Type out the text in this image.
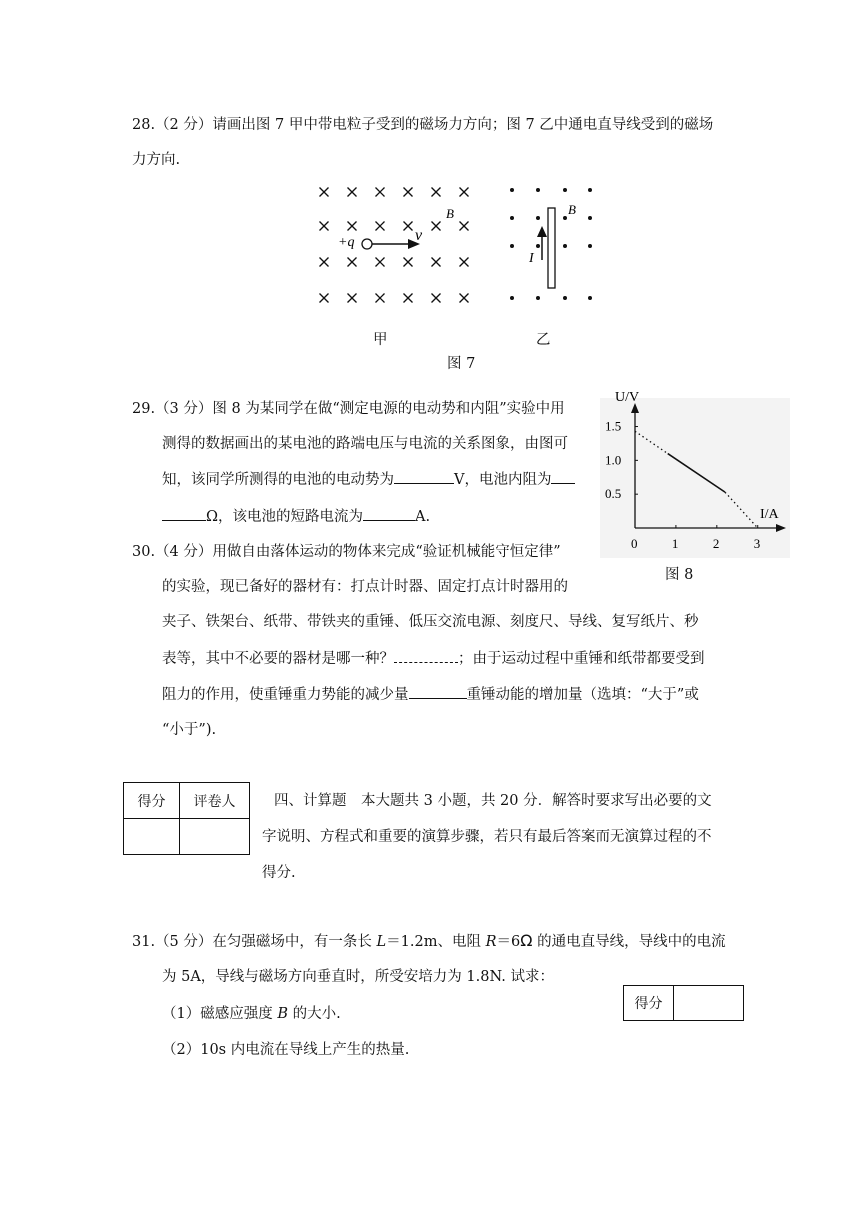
28.（2 分）请画出图 7 甲中带电粒子受到的磁场力方向；图 7 乙中通电直导线受到的磁场
力方向.
+q	v
B
甲
I
B
乙
图 7
29.（3 分）图 8 为某同学在做“测定电源的电动势和内阻”实验中用
测得的数据画出的某电池的路端电压与电流的关系图象，由图可
知，该同学所测得的电池的电动势为	V，电池内阻为
Ω，该电池的短路电流为	A.
0	1	2	3
0.5
1.0
1.5
U/V
I/A
图 8
30.（4 分）用做自由落体运动的物体来完成“验证机械能守恒定律”
的实验，现已备好的器材有：打点计时器、固定打点计时器用的
夹子、铁架台、纸带、带铁夹的重锤、低压交流电源、刻度尺、导线、复写纸片、秒
表等，其中不必要的器材是哪一种？	；由于运动过程中重锤和纸带都要受到
阻力的作用，使重锤重力势能的减少量	重锤动能的增加量（选填：“大于”或
“小于”).
得分	评卷人
		四、计算题　本大题共 3 小题，共 20 分．解答时要求写出必要的文
字说明、方程式和重要的演算步骤，若只有最后答案而无演算过程的不
得分.
31.（5 分）在匀强磁场中，有一条长 L＝1.2m、电阻 R＝6Ω 的通电直导线，导线中的电流
为 5A，导线与磁场方向垂直时，所受安培力为 1.8N. 试求：
（1）磁感应强度 B 的大小.
（2）10s 内电流在导线上产生的热量.
得分	
